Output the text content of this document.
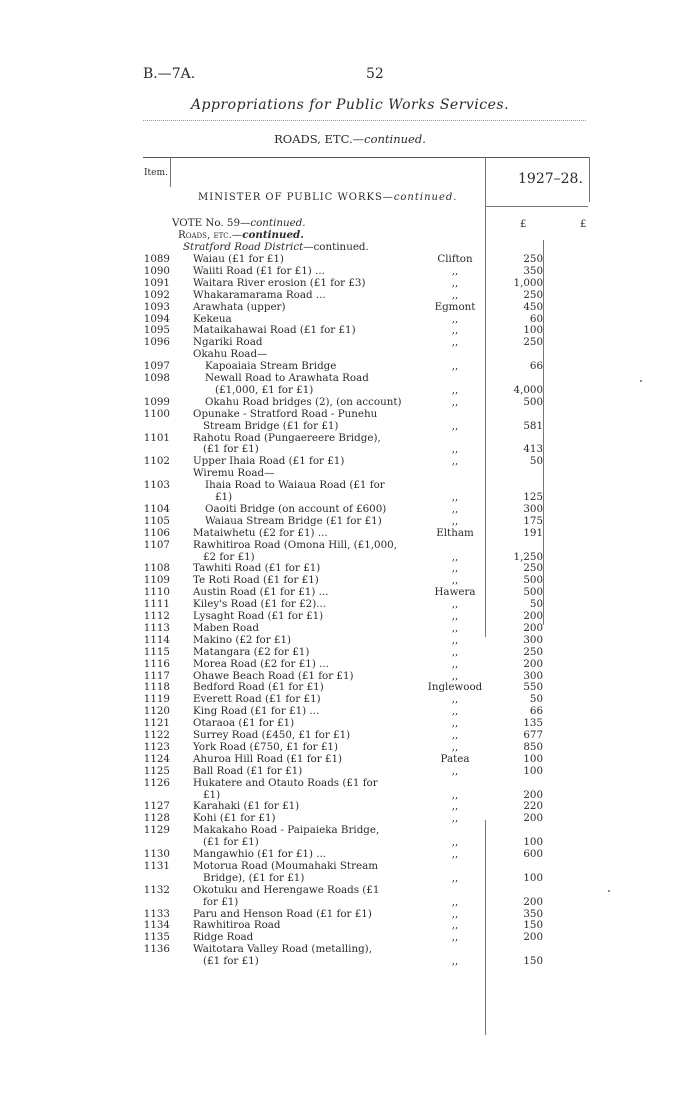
B.—7A.	52
Appropriations for Public Works Services.
ROADS, ETC.—continued.
Item.	1927–28.
MINISTER OF PUBLIC WORKS—continued.
£	£
VOTE No. 59—continued.
Roads, etc.—continued.
Stratford Road District—continued.
1089 Waiau (£1 for £1)	Clifton	250
1090 Waiiti Road (£1 for £1) ...	,,	350
1091 Waitara River erosion (£1 for £3)	,,	1,000
1092 Whakaramarama Road ...	,,	250
1093 Arawhata (upper)	Egmont	450
1094 Kekeua	,,	60
1095 Mataikahawai Road (£1 for £1)	,,	100
1096 Ngariki Road	,,	250
Okahu Road—
1097	Kapoaiaia Stream Bridge	,,	66
1098	Newall Road to Arawhata Road
(£1,000, £1 for £1)	,,	4,000
1099	Okahu Road bridges (2), (on account)	,,	500
1100 Opunake - Stratford Road - Punehu
Stream Bridge (£1 for £1)	,,	581
1101 Rahotu Road (Pungaereere Bridge),
(£1 for £1)	,,	413
1102 Upper Ihaia Road (£1 for £1)	,,	50
Wiremu Road—
1103	Ihaia Road to Waiaua Road (£1 for
£1)	,,	125
1104	Oaoiti Bridge (on account of £600)	,,	300
1105	Waiaua Stream Bridge (£1 for £1)	,,	175
1106 Mataiwhetu (£2 for £1) ...	Eltham	191
1107 Rawhitiroa Road (Omona Hill, (£1,000,
£2 for £1)	,,	1,250
1108 Tawhiti Road (£1 for £1)	,,	250
1109 Te Roti Road (£1 for £1)	,,	500
1110 Austin Road (£1 for £1) ...	Hawera	500
1111 Kiley's Road (£1 for £2)...	,,	50
1112 Lysaght Road (£1 for £1)	,,	200
1113 Maben Road	,,	200
1114 Makino (£2 for £1)	,,	300
1115 Matangara (£2 for £1)	,,	250
1116 Morea Road (£2 for £1) ...	,,	200
1117 Ohawe Beach Road (£1 for £1)	,,	300
1118 Bedford Road (£1 for £1)	Inglewood	550
1119 Everett Road (£1 for £1)	,,	50
1120 King Road (£1 for £1) ...	,,	66
1121 Otaraoa (£1 for £1)	,,	135
1122 Surrey Road (£450, £1 for £1)	,,	677
1123 York Road (£750, £1 for £1)	,,	850
1124 Ahuroa Hill Road (£1 for £1)	Patea	100
1125 Ball Road (£1 for £1)	,,	100
1126 Hukatere and Otauto Roads (£1 for
£1)	,,	200
1127 Karahaki (£1 for £1)	,,	220
1128 Kohi (£1 for £1)	,,	200
1129 Makakaho Road - Paipaieka Bridge,
(£1 for £1)	,,	100
1130 Mangawhio (£1 for £1) ...	,,	600
1131 Motorua Road (Moumahaki Stream
Bridge), (£1 for £1)	,,	100
1132 Okotuku and Herengawe Roads (£1
for £1)	,,	200
1133 Paru and Henson Road (£1 for £1)	,,	350
1134 Rawhitiroa Road	,,	150
1135 Ridge Road	,,	200
1136 Waitotara Valley Road (metalling),
(£1 for £1)	,,	150
